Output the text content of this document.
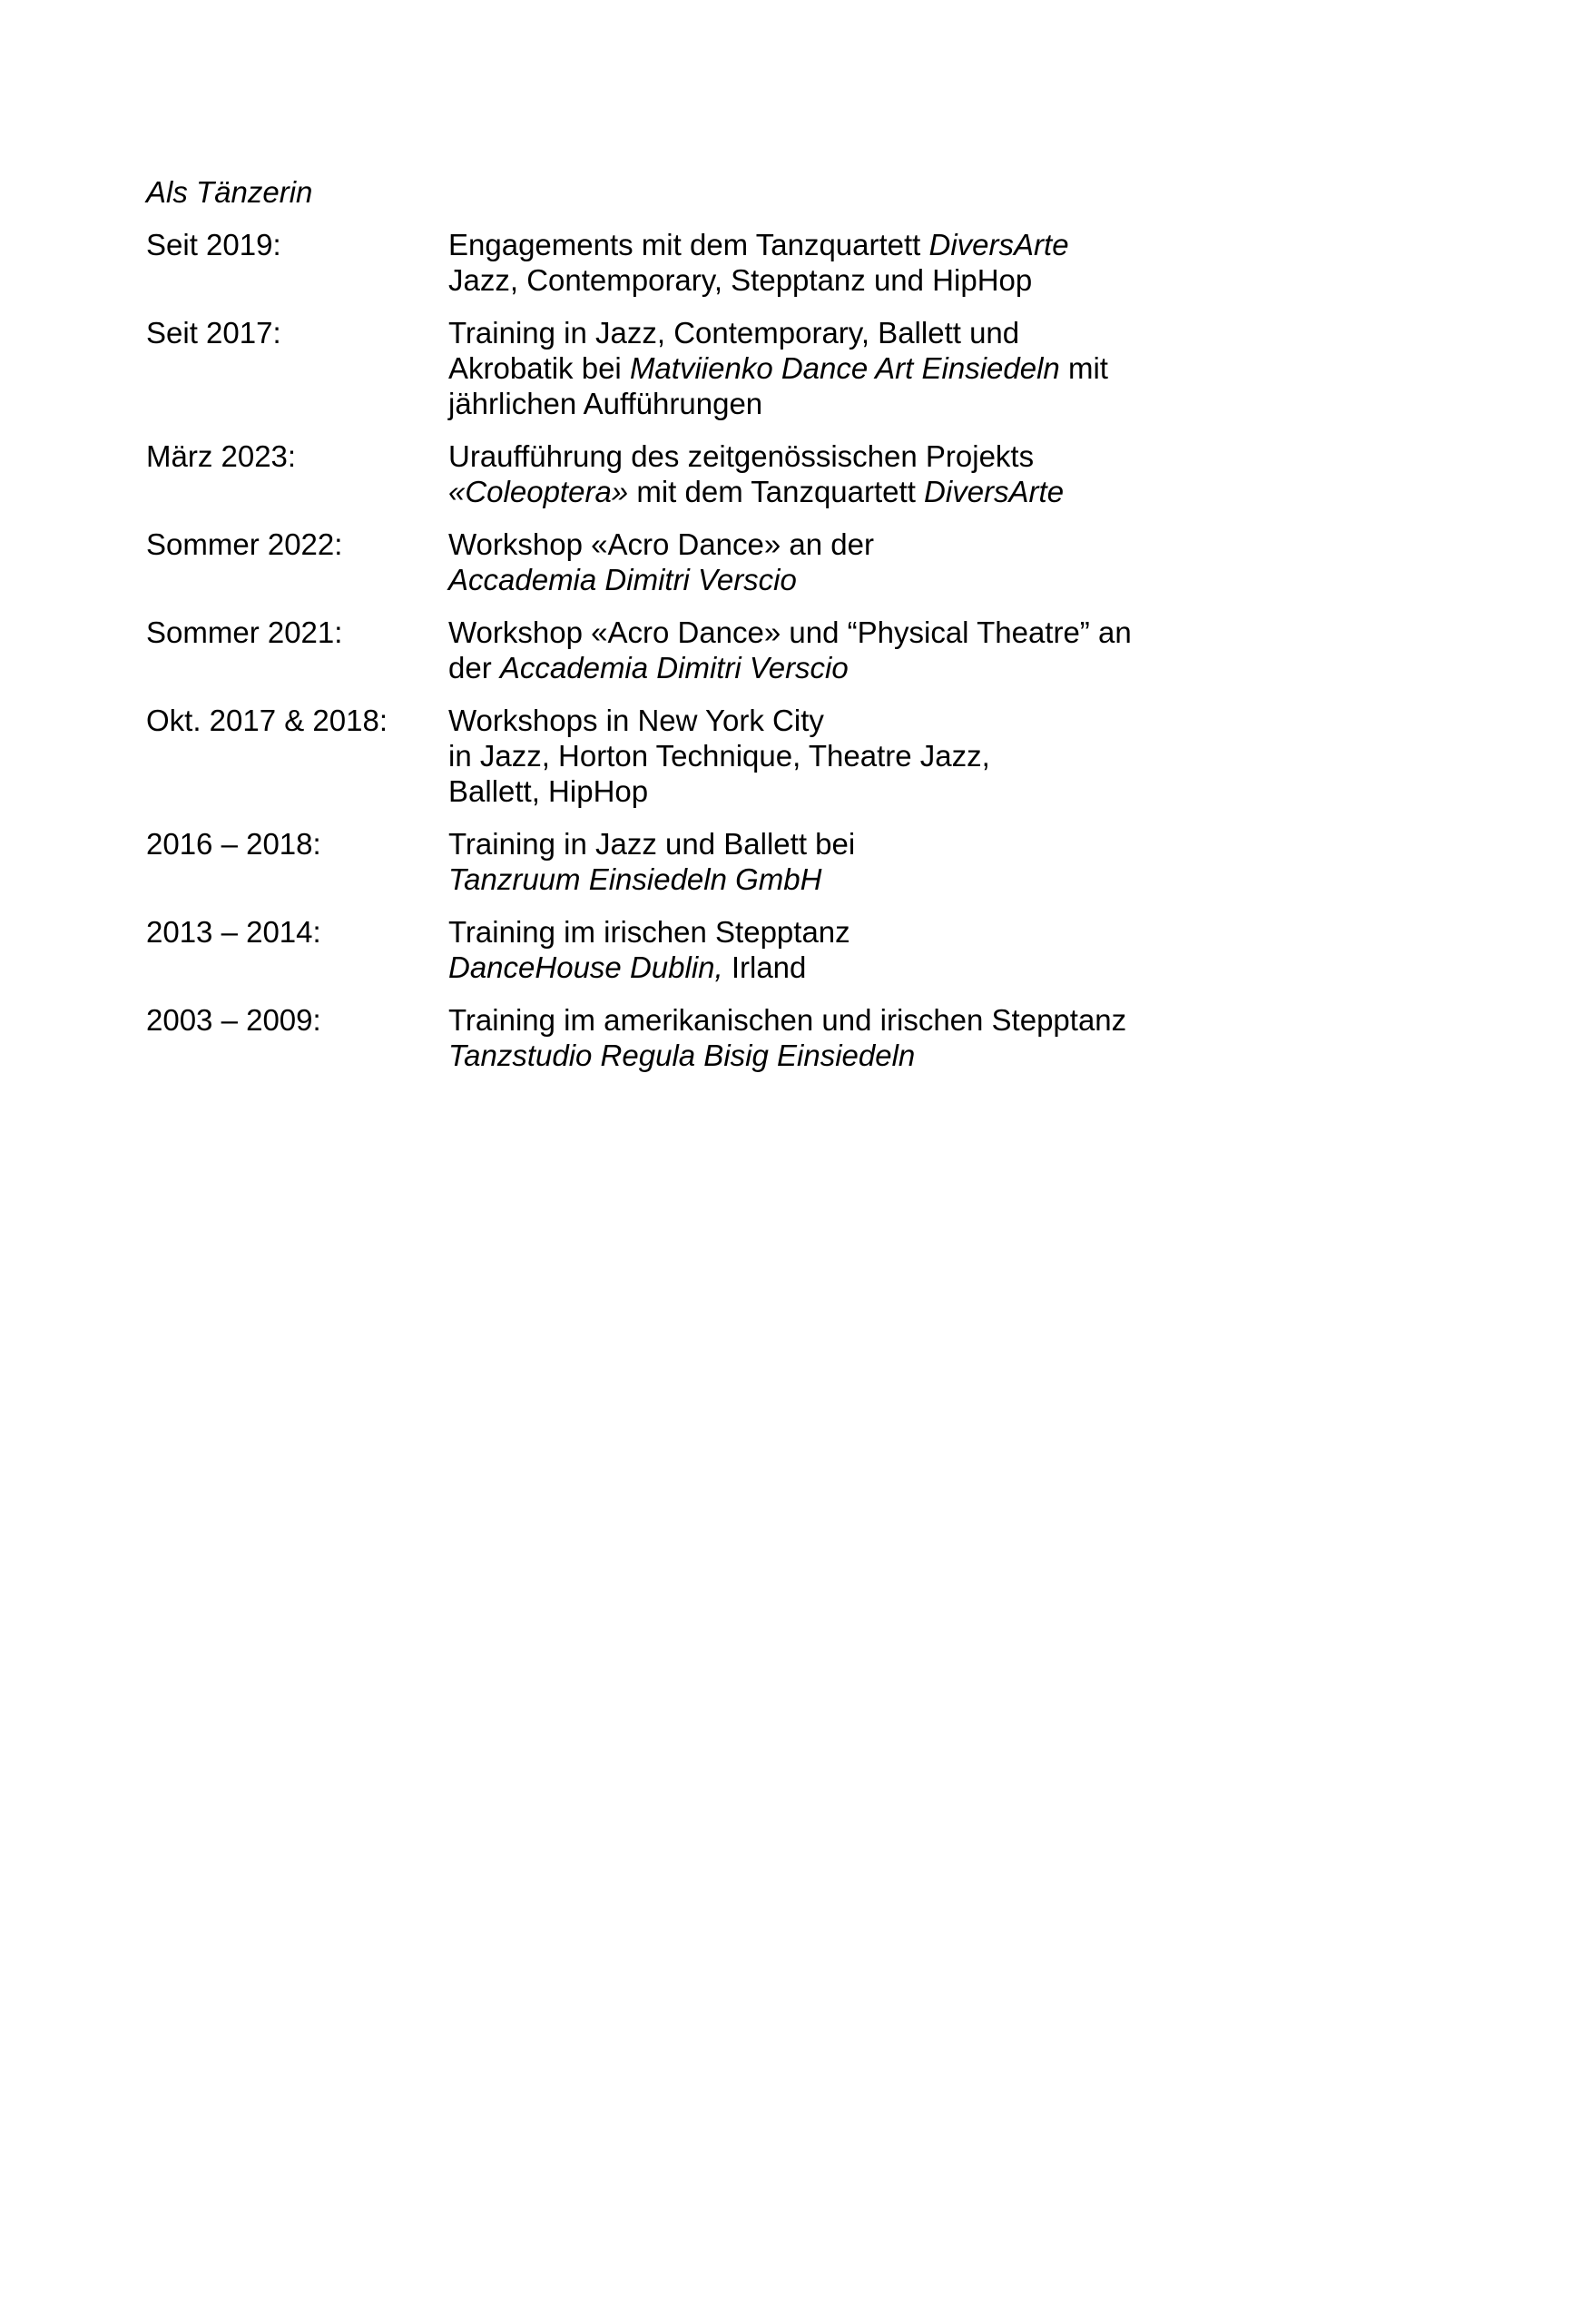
Als Tänzerin
Seit 2019:	Engagements mit dem Tanzquartett DiversArte
Jazz, Contemporary, Stepptanz und HipHop
Seit 2017:	Training in Jazz, Contemporary, Ballett und
Akrobatik bei Matviienko Dance Art Einsiedeln mit
jährlichen Aufführungen
März 2023:	Uraufführung des zeitgenössischen Projekts
«Coleoptera» mit dem Tanzquartett DiversArte
Sommer 2022:	Workshop «Acro Dance» an der
Accademia Dimitri Verscio
Sommer 2021:	Workshop «Acro Dance» und “Physical Theatre” an
der Accademia Dimitri Verscio
Okt. 2017 & 2018:	Workshops in New York City
in Jazz, Horton Technique, Theatre Jazz,
Ballett, HipHop
2016 – 2018:	Training in Jazz und Ballett bei
Tanzruum Einsiedeln GmbH
2013 – 2014:	Training im irischen Stepptanz
DanceHouse Dublin, Irland
2003 – 2009:	Training im amerikanischen und irischen Stepptanz
Tanzstudio Regula Bisig Einsiedeln
